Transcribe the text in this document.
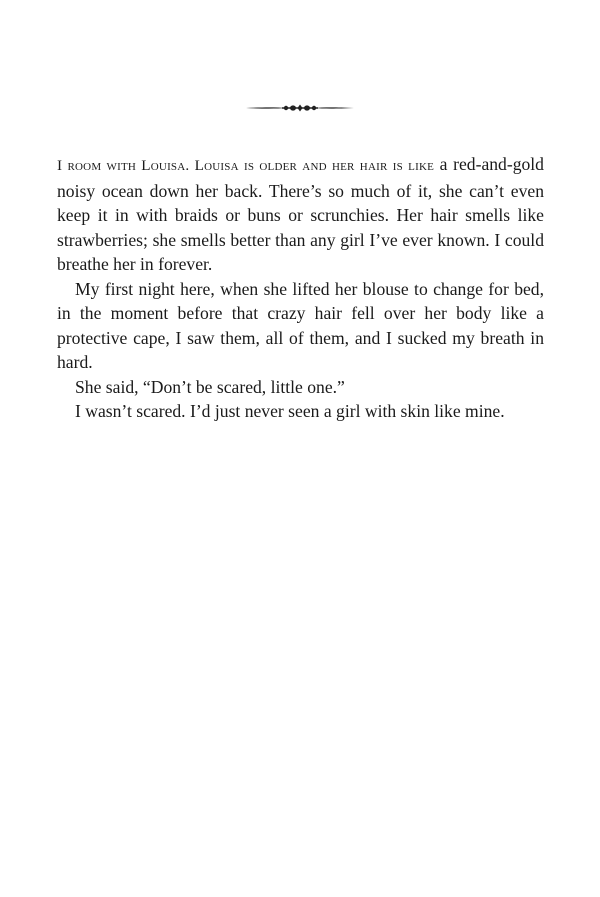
I room with Louisa. Louisa is older and her hair is like a red-and-gold noisy ocean down her back. There’s so much of it, she can’t even keep it in with braids or buns or scrunchies. Her hair smells like strawberries; she smells better than any girl I’ve ever known. I could breathe her in forever.

My first night here, when she lifted her blouse to change for bed, in the moment before that crazy hair fell over her body like a protective cape, I saw them, all of them, and I sucked my breath in hard.

She said, “Don’t be scared, little one.”

I wasn’t scared. I’d just never seen a girl with skin like mine.
